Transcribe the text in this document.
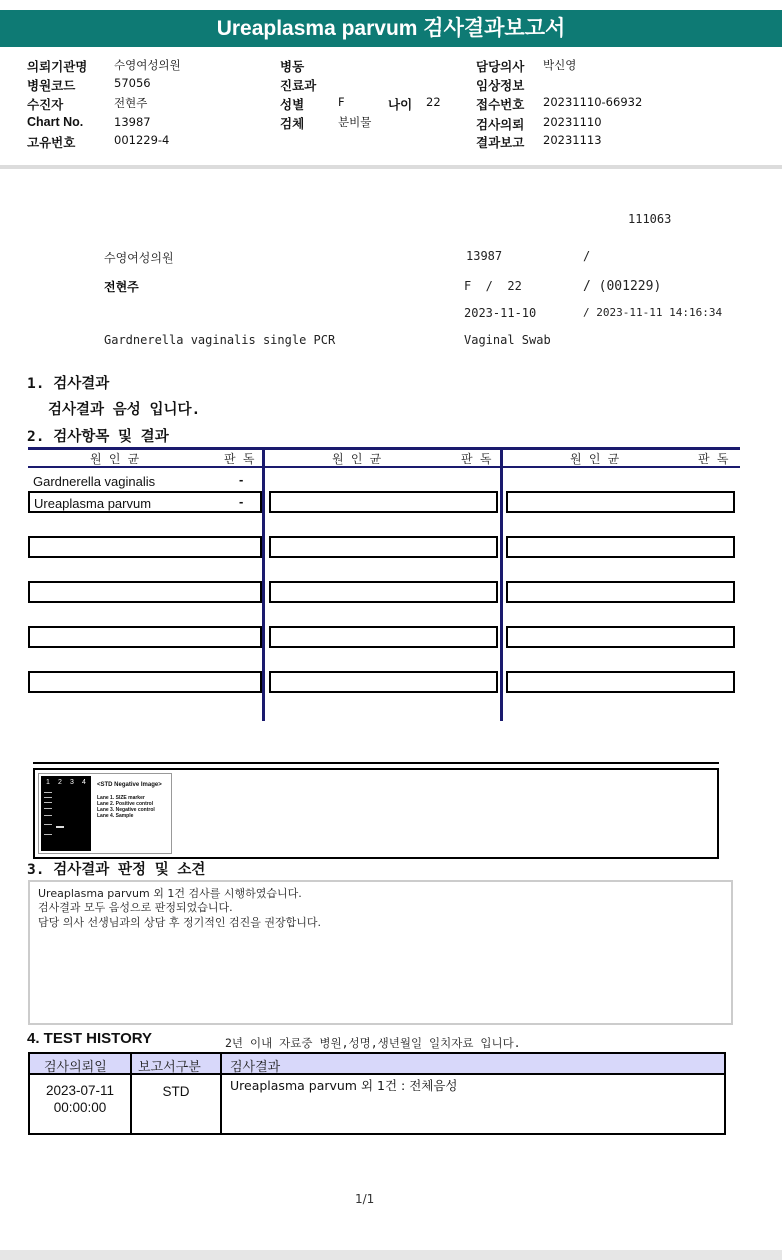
Ureaplasma parvum 검사결과보고서
의뢰기관명 수영여성의원
병원코드	57056
수진자	전현주
Chart No.	13987
고유번호	001229-4
병동
진료과
성별	F	나이 22
검체	분비물
담당의사 박신영
임상정보
접수번호 20231110-66932
검사의뢰 20231110
결과보고 20231113
111063
수영여성의원	13987	/
전현주	F  /  22	/ (001229)
2023-11-10	/ 2023-11-11 14:16:34
Gardnerella vaginalis single PCR	Vaginal Swab
1. 검사결과
검사결과 음성 입니다.
2. 검사항목 및 결과
원 인 균	판 독	원 인 균	판 독	원 인 균	판 독
Gardnerella vaginalis	-
Ureaplasma parvum	-
1 2 3 4 <STD Negative Image>
Lane 1. SIZE marker
Lane 2. Positive control
Lane 3. Negative control
Lane 4. Sample
3. 검사결과 판정 및 소견
Ureaplasma parvum 외 1건 검사를 시행하였습니다.
검사결과 모두 음성으로 판정되었습니다.
담당 의사 선생님과의 상담 후 정기적인 검진을 권장합니다.
4. TEST HISTORY	2년 이내 자료중 병원,성명,생년월일 일치자료 입니다.
검사의뢰일 보고서구분 검사결과
2023-07-11
00:00:00
STD	Ureaplasma parvum 외 1건 : 전체음성
1/1
